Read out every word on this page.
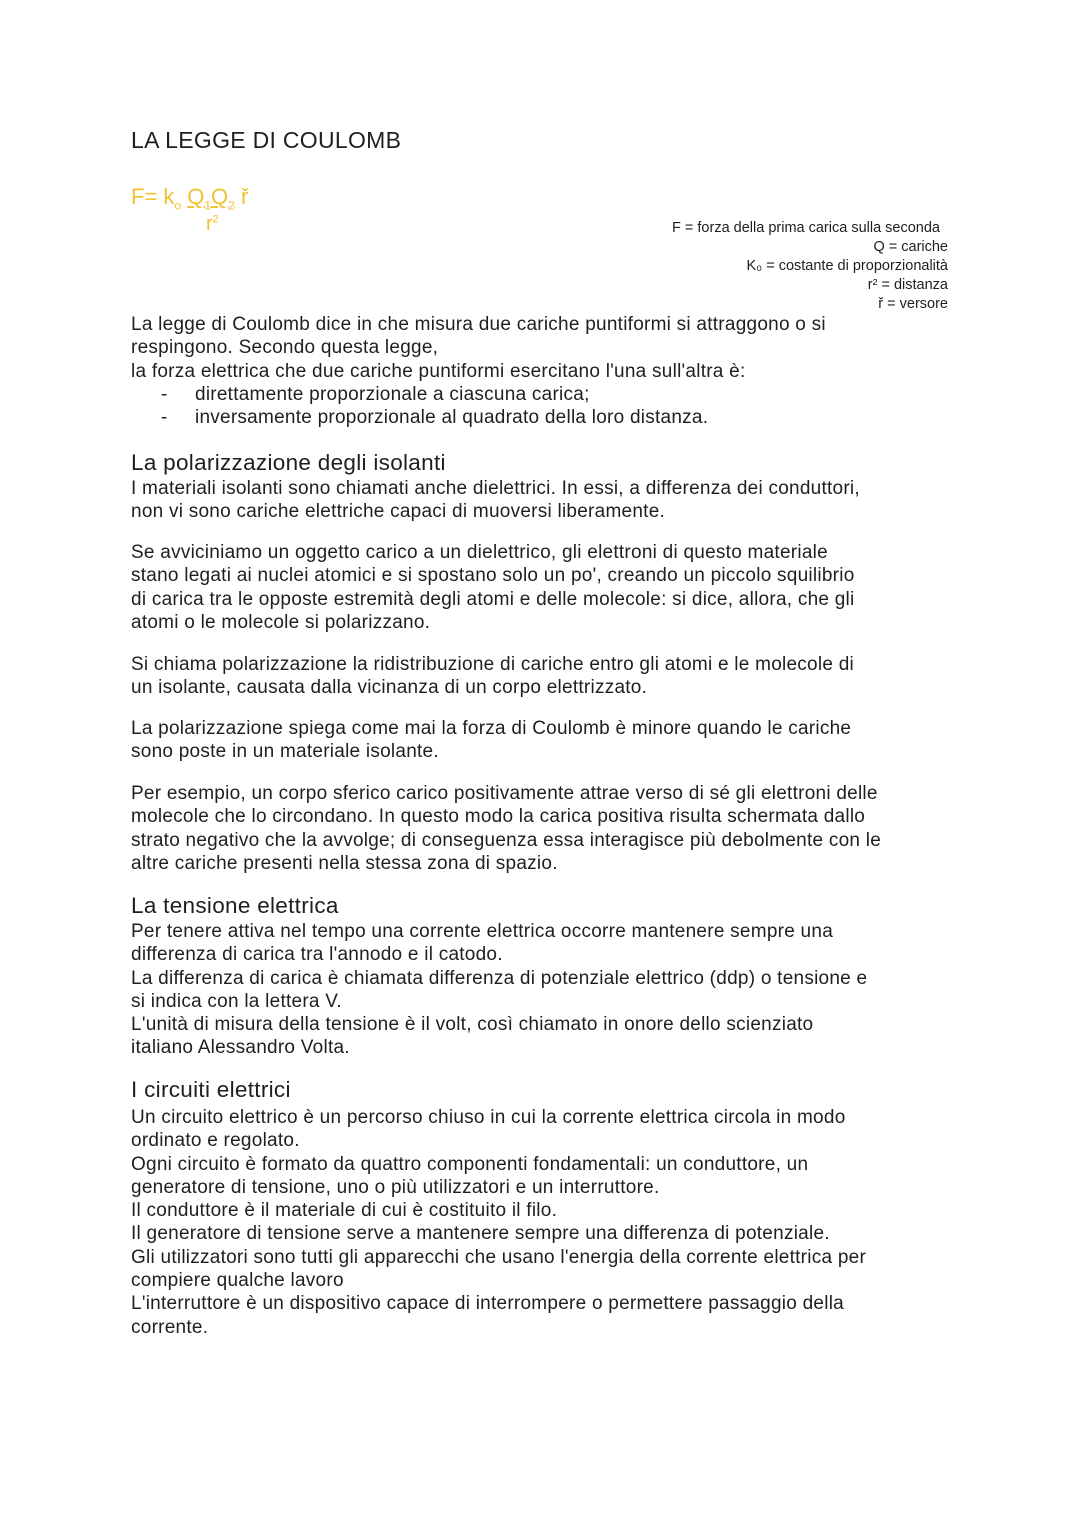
LA LEGGE DI COULOMB
$F= k_o$ $Q_1Q_2$ ř
$r^2$
F = forza della prima carica sulla seconda
Q = cariche
K₀ = costante di proporzionalità
r² = distanza
ř = versore
La legge di Coulomb dice in che misura due cariche puntiformi si attraggono o si
respingono. Secondo questa legge,
la forza elettrica che due cariche puntiformi esercitano l'una sull'altra è:
-	direttamente proporzionale a ciascuna carica;
-	inversamente proporzionale al quadrato della loro distanza.
La polarizzazione degli isolanti
I materiali isolanti sono chiamati anche dielettrici. In essi, a differenza dei conduttori,
non vi sono cariche elettriche capaci di muoversi liberamente.
Se avviciniamo un oggetto carico a un dielettrico, gli elettroni di questo materiale
stano legati ai nuclei atomici e si spostano solo un po', creando un piccolo squilibrio
di carica tra le opposte estremità degli atomi e delle molecole: si dice, allora, che gli
atomi o le molecole si polarizzano.
Si chiama polarizzazione la ridistribuzione di cariche entro gli atomi e le molecole di
un isolante, causata dalla vicinanza di un corpo elettrizzato.
La polarizzazione spiega come mai la forza di Coulomb è minore quando le cariche
sono poste in un materiale isolante.
Per esempio, un corpo sferico carico positivamente attrae verso di sé gli elettroni delle
molecole che lo circondano. In questo modo la carica positiva risulta schermata dallo
strato negativo che la avvolge; di conseguenza essa interagisce più debolmente con le
altre cariche presenti nella stessa zona di spazio.
La tensione elettrica
Per tenere attiva nel tempo una corrente elettrica occorre mantenere sempre una
differenza di carica tra l'annodo e il catodo.
La differenza di carica è chiamata differenza di potenziale elettrico (ddp) o tensione e
si indica con la lettera V.
L'unità di misura della tensione è il volt, così chiamato in onore dello scienziato
italiano Alessandro Volta.
I circuiti elettrici
Un circuito elettrico è un percorso chiuso in cui la corrente elettrica circola in modo
ordinato e regolato.
Ogni circuito è formato da quattro componenti fondamentali: un conduttore, un
generatore di tensione, uno o più utilizzatori e un interruttore.
Il conduttore è il materiale di cui è costituito il filo.
Il generatore di tensione serve a mantenere sempre una differenza di potenziale.
Gli utilizzatori sono tutti gli apparecchi che usano l'energia della corrente elettrica per
compiere qualche lavoro
L'interruttore è un dispositivo capace di interrompere o permettere passaggio della
corrente.
